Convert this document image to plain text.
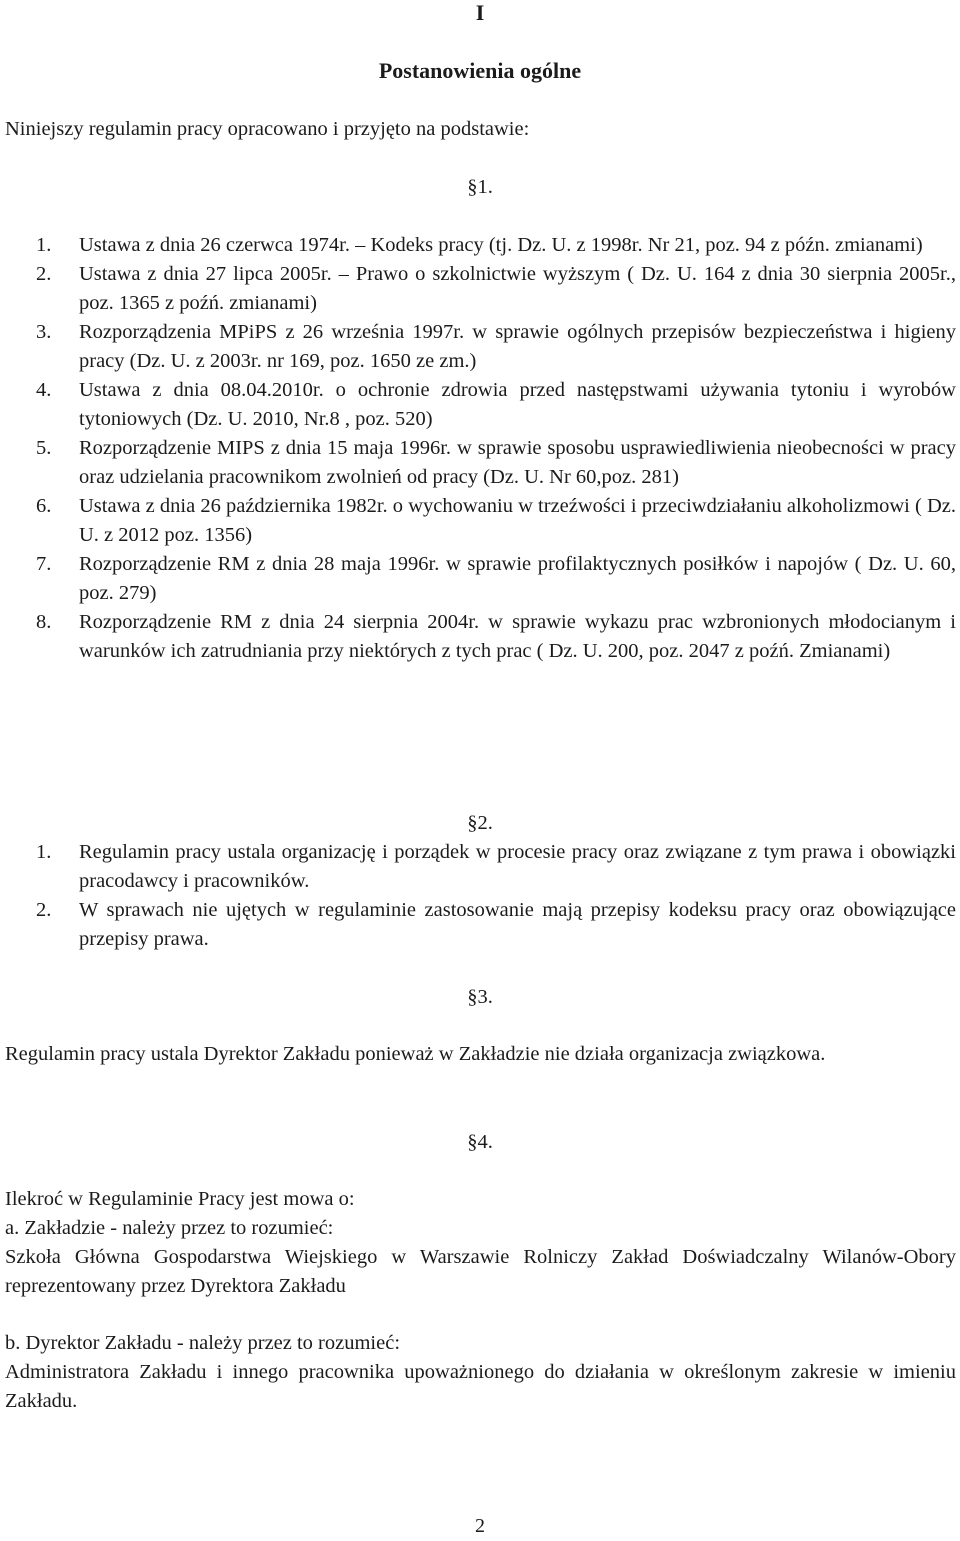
I
Postanowienia ogólne
Niniejszy regulamin pracy opracowano i przyjęto na podstawie:
§1.
1. Ustawa z dnia 26 czerwca 1974r. – Kodeks pracy (tj. Dz. U. z 1998r. Nr 21, poz. 94 z późn. zmianami)
2. Ustawa z dnia 27 lipca 2005r. – Prawo o szkolnictwie wyższym ( Dz. U. 164 z dnia 30 sierpnia 2005r., poz. 1365 z poźń. zmianami)
3. Rozporządzenia MPiPS z 26 września 1997r. w sprawie ogólnych przepisów bezpieczeństwa i higieny pracy (Dz. U. z 2003r. nr 169, poz. 1650 ze zm.)
4. Ustawa z dnia 08.04.2010r. o ochronie zdrowia przed następstwami używania tytoniu i wyrobów tytoniowych (Dz. U. 2010, Nr.8 , poz. 520)
5. Rozporządzenie MIPS z dnia 15 maja 1996r. w sprawie sposobu usprawiedliwienia nieobecności w pracy oraz udzielania pracownikom zwolnień od pracy (Dz. U. Nr 60,poz. 281)
6. Ustawa z dnia 26 października 1982r. o wychowaniu w trzeźwości i przeciwdziałaniu alkoholizmowi ( Dz. U. z 2012 poz. 1356)
7. Rozporządzenie RM z dnia 28 maja 1996r. w sprawie profilaktycznych posiłków i napojów ( Dz. U. 60, poz. 279)
8. Rozporządzenie RM z dnia 24 sierpnia 2004r. w sprawie wykazu prac wzbronionych młodocianym i warunków ich zatrudniania przy niektórych z tych prac ( Dz. U. 200, poz. 2047 z poźń. Zmianami)
§2.
1. Regulamin pracy ustala organizację i porządek w procesie pracy oraz związane z tym prawa i obowiązki pracodawcy i pracowników.
2. W sprawach nie ujętych w regulaminie zastosowanie mają przepisy kodeksu pracy oraz obowiązujące przepisy prawa.
§3.
Regulamin pracy ustala Dyrektor Zakładu ponieważ w Zakładzie nie działa organizacja związkowa.
§4.
Ilekroć w Regulaminie Pracy jest mowa o:
a. Zakładzie - należy przez to rozumieć:
Szkoła Główna Gospodarstwa Wiejskiego w Warszawie Rolniczy Zakład Doświadczalny Wilanów-Obory reprezentowany przez Dyrektora Zakładu
b. Dyrektor Zakładu - należy przez to rozumieć:
Administratora Zakładu i innego pracownika upoważnionego do działania w określonym zakresie w imieniu Zakładu.
2
